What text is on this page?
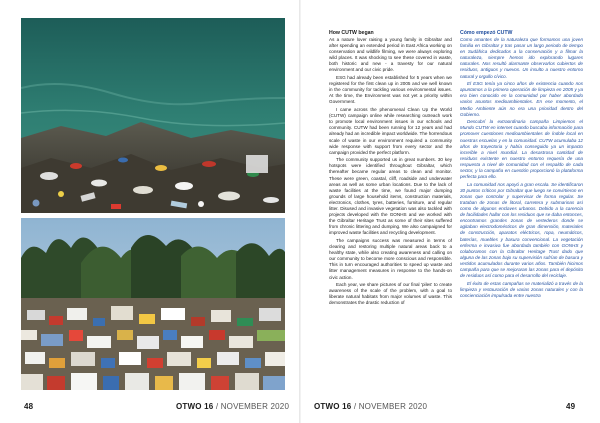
How CUTW began

As a nature lover raising a young family in Gibraltar and after spending an extended period in East Africa working on conservation and wildlife filming, we were always exploring wild places. It was shocking to see these covered in waste, both historic and new - a travesty for our natural environment and our civic pride.

ESG had already been established for 5 years when we registered for the first clean up in 2005 and we well known in the community for tackling various environmental issues. At the time, the Environment was not yet a priority within Government.

I came across the phenomenal Clean Up the World (CUTW) campaign online while researching outreach work to promote local environment issues in our schools and community. CUTW had been running for 12 years and had already had an incredible impact worldwide. The horrendous scale of waste in our environment required a community wide response with support from every sector and the campaign provided the perfect platform.

The community supported us in great numbers. 30 key hotspots were identified throughout Gibraltar, which thereafter became regular areas to clean and monitor. These were green, coastal, cliff, roadside and underwater areas as well as some urban locations. Due to the lack of waste facilities at the time, we found major dumping grounds of large household items, construction materials, electronics, clothes, tyres, batteries, furniture, and regular litter. Disused and invasive vegetation was also tackled with projects developed with the GONHS and we worked with the Gibraltar Heritage Trust as some of their sites suffered from chronic littering and dumping. We also campaigned for improved waste facilities and recycling development.

The campaigns success was measured in terms of clearing and restoring multiple natural areas back to a healthy state, while also creating awareness and calling on our community to become more conscious and responsible. This in turn encouraged authorities to speed up waste and litter management measures in response to the hands-on civic action.

Each year, we share pictures of our final 'piles' to create awareness of the scale of the problem, with a goal to liberate natural habitats from major volumes of waste. This demonstrates the drastic reduction of

Cómo empezó CUTW

Como amantes de la naturaleza que formamos una joven familia en Gibraltar y tras pasar un largo periodo de tiempo en Sudáfrica dedicados a la conservación y a filmar la naturaleza, siempre hemos ido explorando lugares naturales. Nos resultó alarmante observarlos cubiertos de residuos, antiguos y nuevos. Un insulto a nuestro entorno natural y orgullo cívico.

El ESG tenía ya cinco años de existencia cuando nos apuntamos a la primera operación de limpieza en 2005 y ya era bien conocido en la comunidad por haber abordado varios asuntos medioambientales. En ese momento, el Medio Ambiente aún no era una prioridad dentro del Gobierno.

Descubrí la extraordinaria campaña Limpiemos el Mundo CUTW en internet cuando buscaba información para promover cuestiones medioambientales de índole local en nuestras escuelas y en la comunidad. CUTW acumulaba 12 años de trayectoria y había conseguido ya un impacto increíble a nivel mundial. La desastrosa cantidad de residuos existente en nuestro entorno requería de una respuesta a nivel de comunidad con el respaldo de cada sector, y la campaña en cuestión proporcionó la plataforma perfecta para ello.

La comunidad nos apoyó a gran escala. Se identificaron 30 puntos críticos por Gibraltar que luego se convirtieron en zonas que controlar y supervisar de forma regular. Se trataban de zonas de litoral, carretera y submarinas así como de algunos enclaves urbanos. Debido a la carencia de facilidades hallar con los residuos que se daba entonces, encontramos grandes zonas de vertederos donde se agitaban electrodomésticos de gran dimensión, materiales de construcción, aparatos eléctricos, ropa, neumáticos, baterías, muebles y basura convencional. La vegetación enferma e invasiva fue abordada también con GONHS y colaboramos con la Gibraltar Heritage Trust dado que alguna de las zonas bajo su supervisión sufrían de basura y vertidos acumulados durante varios años. También hicimos campaña para que se mejoraran las zonas para el depósito de residuos así como para el desarrollo del reciclaje.

El éxito de estas campañas se materializó a través de la limpieza y restauración de varias zonas naturales y con la concienciación impulsada entre nuestra

48	OTWO 16 / NOVEMBER 2020	OTWO 16 / NOVEMBER 2020	49
